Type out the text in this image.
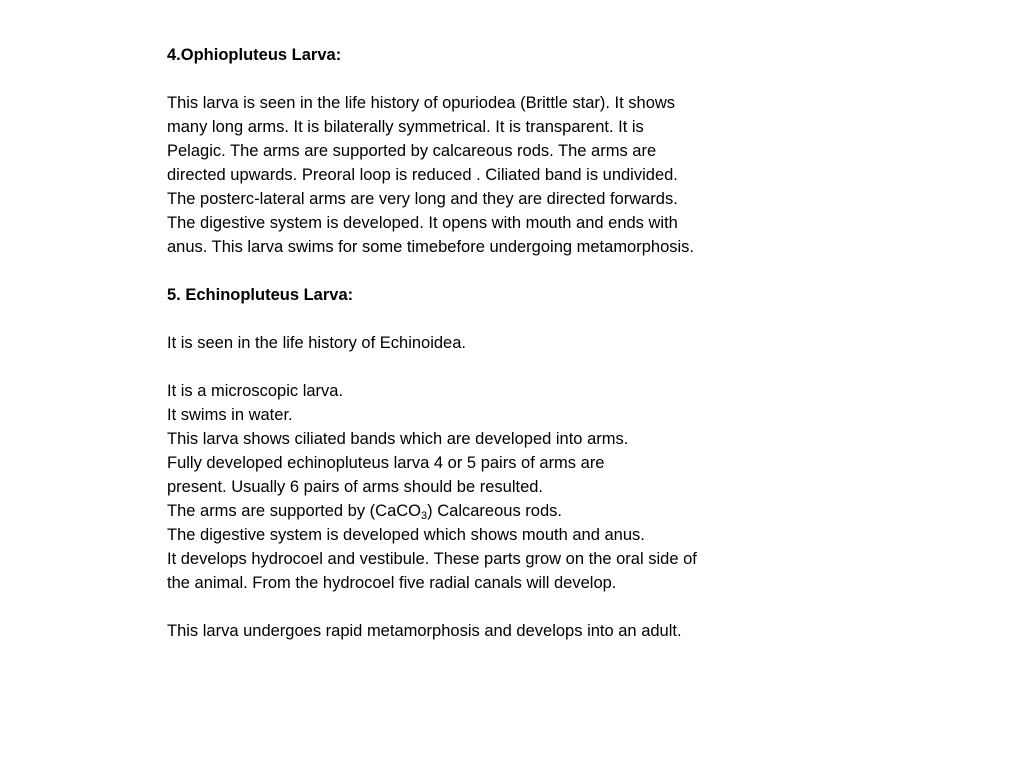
4.Ophiopluteus Larva:
This larva is seen in the life history of opuriodea (Brittle star). It shows
many long arms. It is bilaterally symmetrical. It is transparent. It is
Pelagic. The arms are supported by calcareous rods. The arms are
directed upwards. Preoral loop is reduced . Ciliated band is undivided.
The posterc-lateral arms are very long and they are directed forwards.
The digestive system is developed. It opens with mouth and ends with
anus. This larva swims for some timebefore undergoing metamorphosis.
5. Echinopluteus Larva:
It is seen in the life history of Echinoidea.
It is a microscopic larva.
It swims in water.
This larva shows ciliated bands which are developed into arms.
Fully developed echinopluteus larva 4 or 5 pairs of arms are
present. Usually 6 pairs of arms should be resulted.
The arms are supported by (CaCO$_3$) Calcareous rods.
The digestive system is developed which shows mouth and anus.
It develops hydrocoel and vestibule. These parts grow on the oral side of
the animal. From the hydrocoel five radial canals will develop.
This larva undergoes rapid metamorphosis and develops into an adult.
